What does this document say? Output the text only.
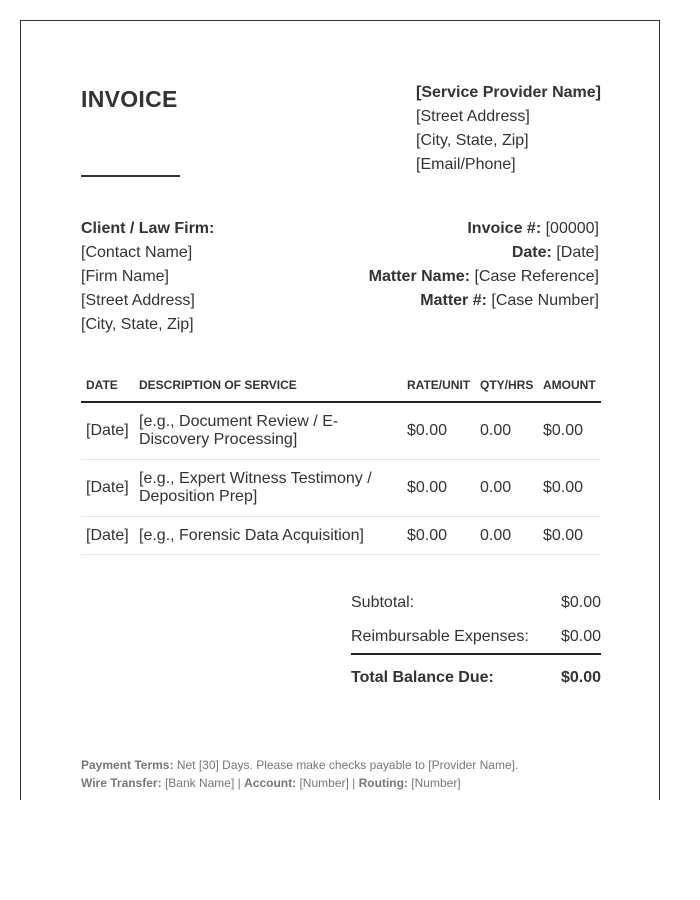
INVOICE	[Service Provider Name]
[Street Address]
[City, State, Zip]
[Email/Phone]
Client / Law Firm:
[Contact Name]
[Firm Name]
[Street Address]
[City, State, Zip]
Invoice #: [00000]
Date: [Date]
Matter Name: [Case Reference]
Matter #: [Case Number]
DATE	DESCRIPTION OF SERVICE	RATE/UNIT	QTY/HRS	AMOUNT
[Date]	[e.g., Document Review / E-Discovery Processing]	$0.00	0.00	$0.00
[Date]	[e.g., Expert Witness Testimony / Deposition Prep]	$0.00	0.00	$0.00
[Date]	[e.g., Forensic Data Acquisition]	$0.00	0.00	$0.00
Subtotal:	$0.00
Reimbursable Expenses: $0.00
Total Balance Due:	$0.00
Payment Terms: Net [30] Days. Please make checks payable to [Provider Name].
Wire Transfer: [Bank Name] | Account: [Number] | Routing: [Number]
